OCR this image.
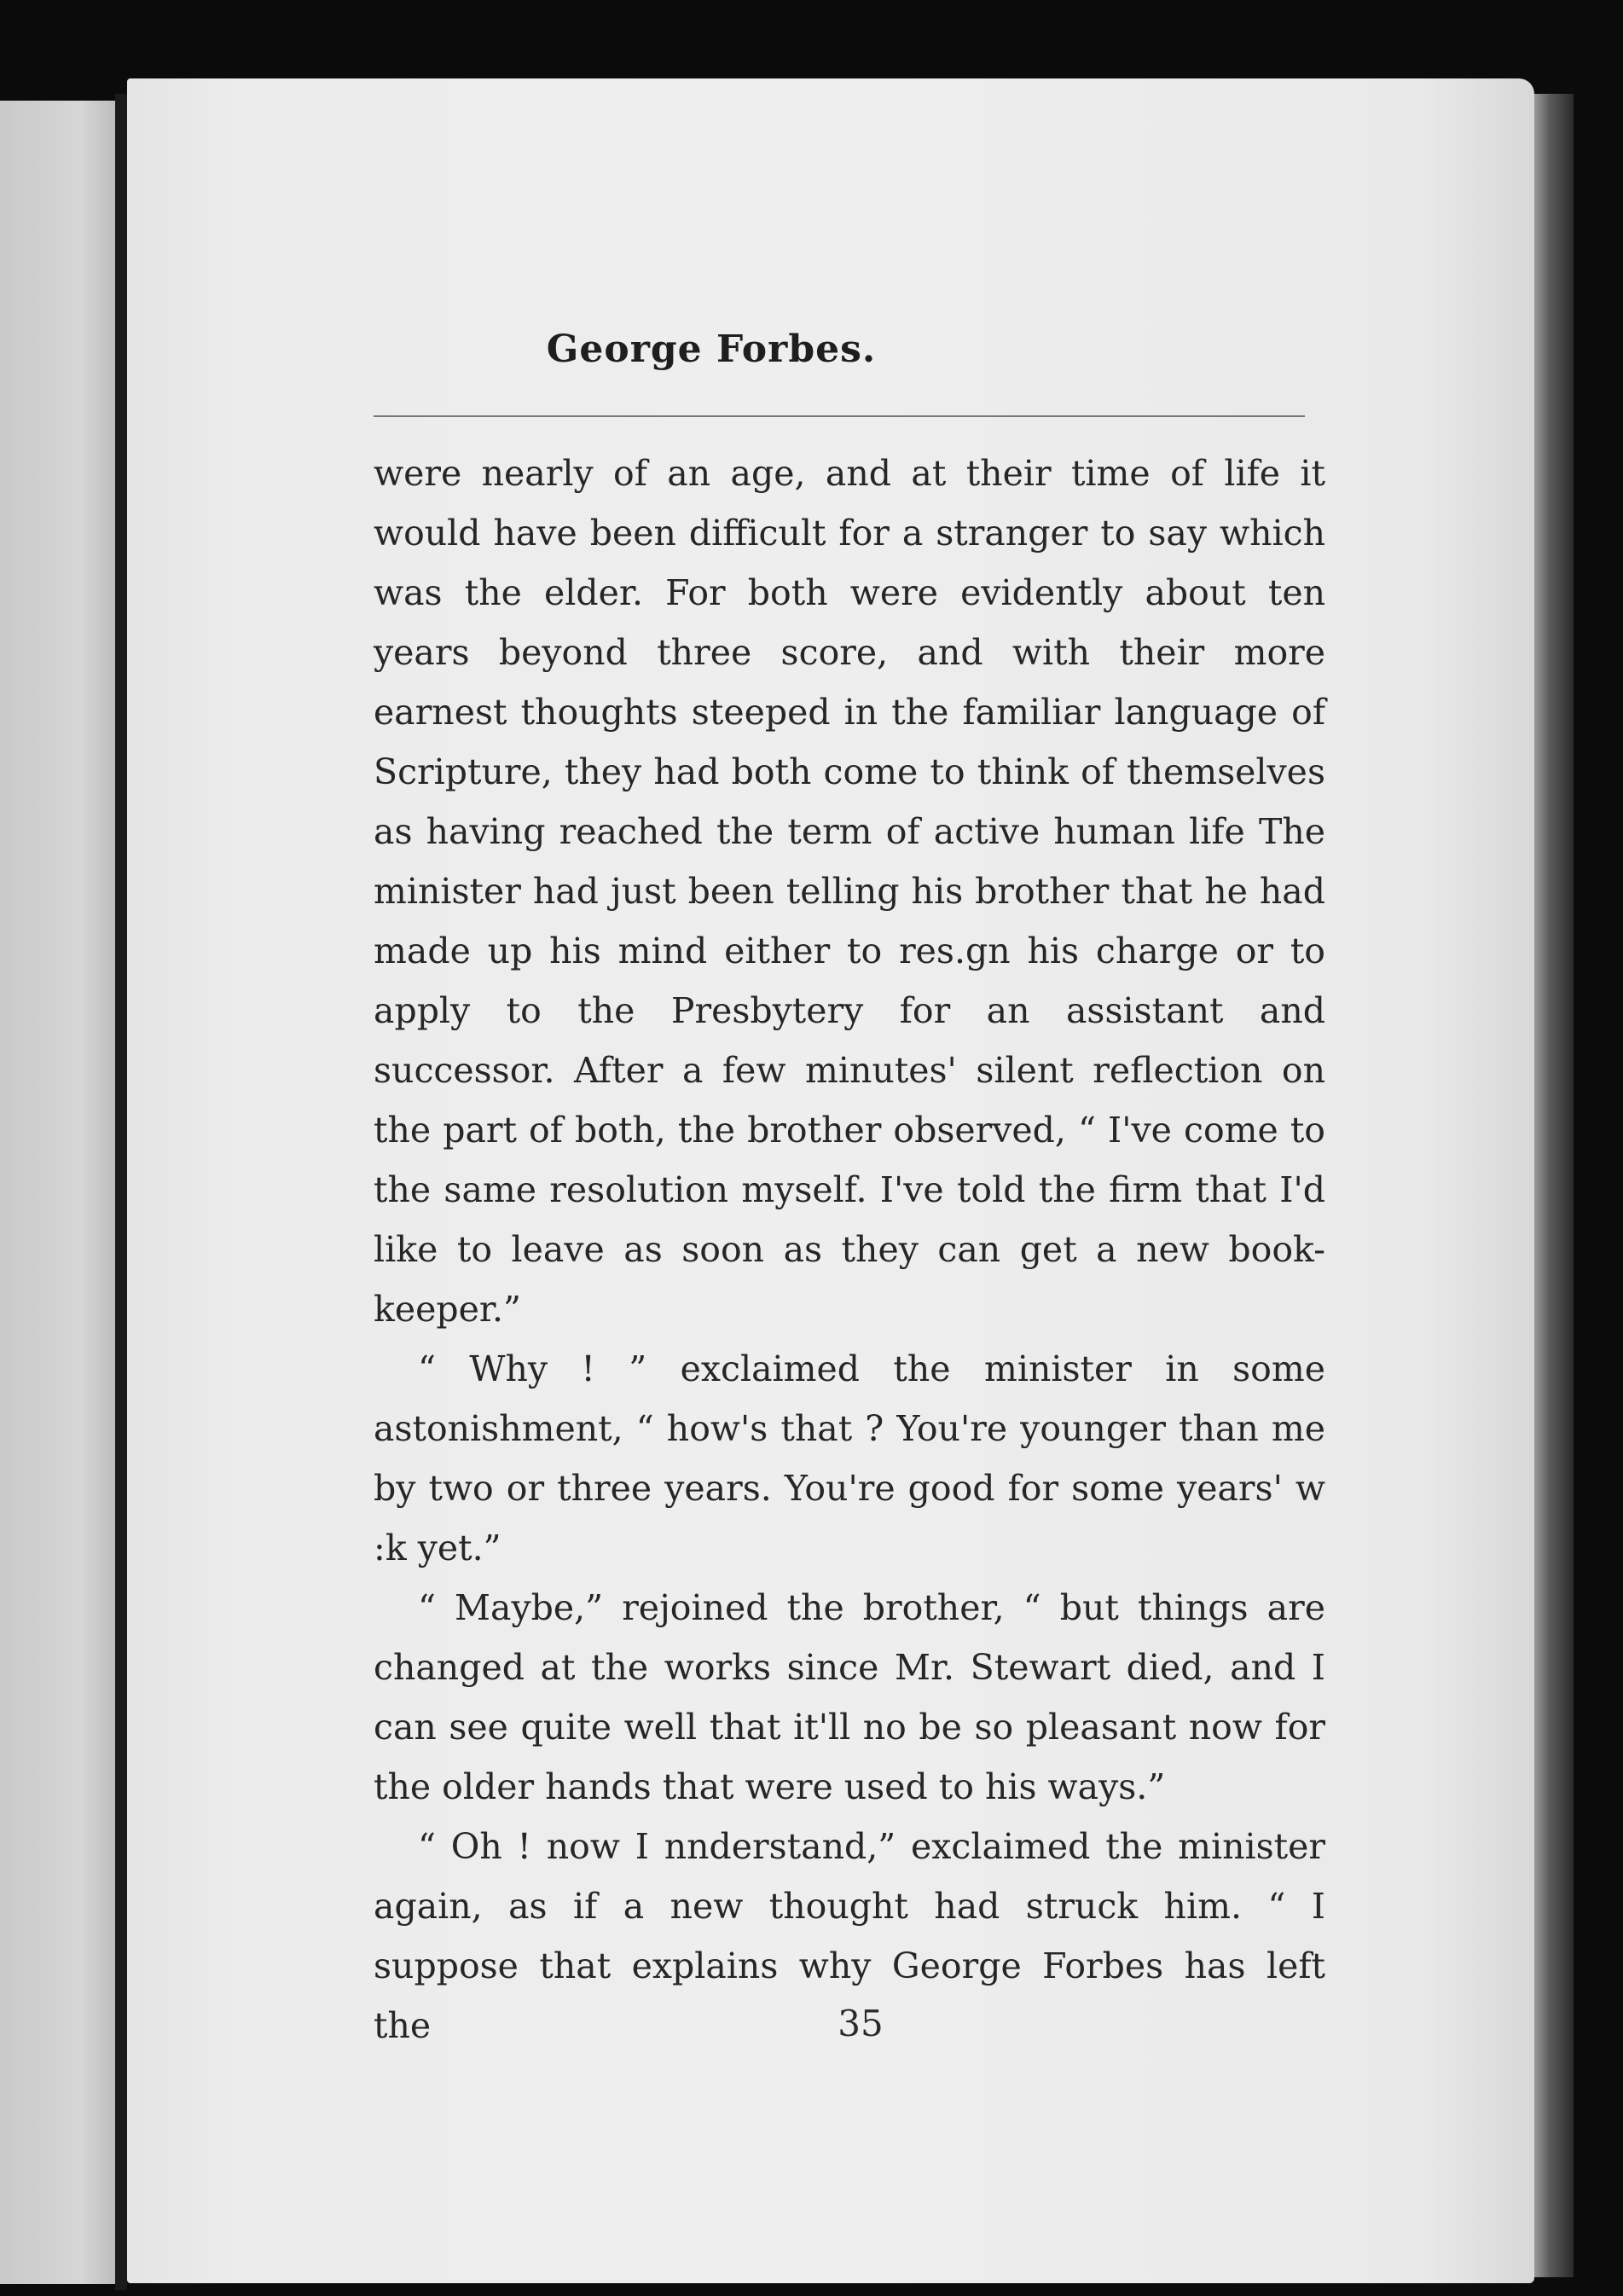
George Forbes.

were nearly of an age, and at their time of life it would have been difficult for a stranger to say which was the elder. For both were evidently about ten years beyond three score, and with their more earnest thoughts steeped in the familiar language of Scripture, they had both come to think of themselves as having reached the term of active human life The minister had just been telling his brother that he had made up his mind either to res.gn his charge or to apply to the Presbytery for an assistant and successor. After a few minutes' silent reflection on the part of both, the brother observed, “ I've come to the same resolution myself. I've told the firm that I'd like to leave as soon as they can get a new book-keeper.”

“ Why ! ” exclaimed the minister in some astonishment, “ how's that ? You're younger than me by two or three years. You're good for some years' w :k yet.”

“ Maybe,” rejoined the brother, “ but things are changed at the works since Mr. Stewart died, and I can see quite well that it'll no be so pleasant now for the older hands that were used to his ways.”

“ Oh ! now I nnderstand,” exclaimed the minister again, as if a new thought had struck him. “ I suppose that explains why George Forbes has left the	35
